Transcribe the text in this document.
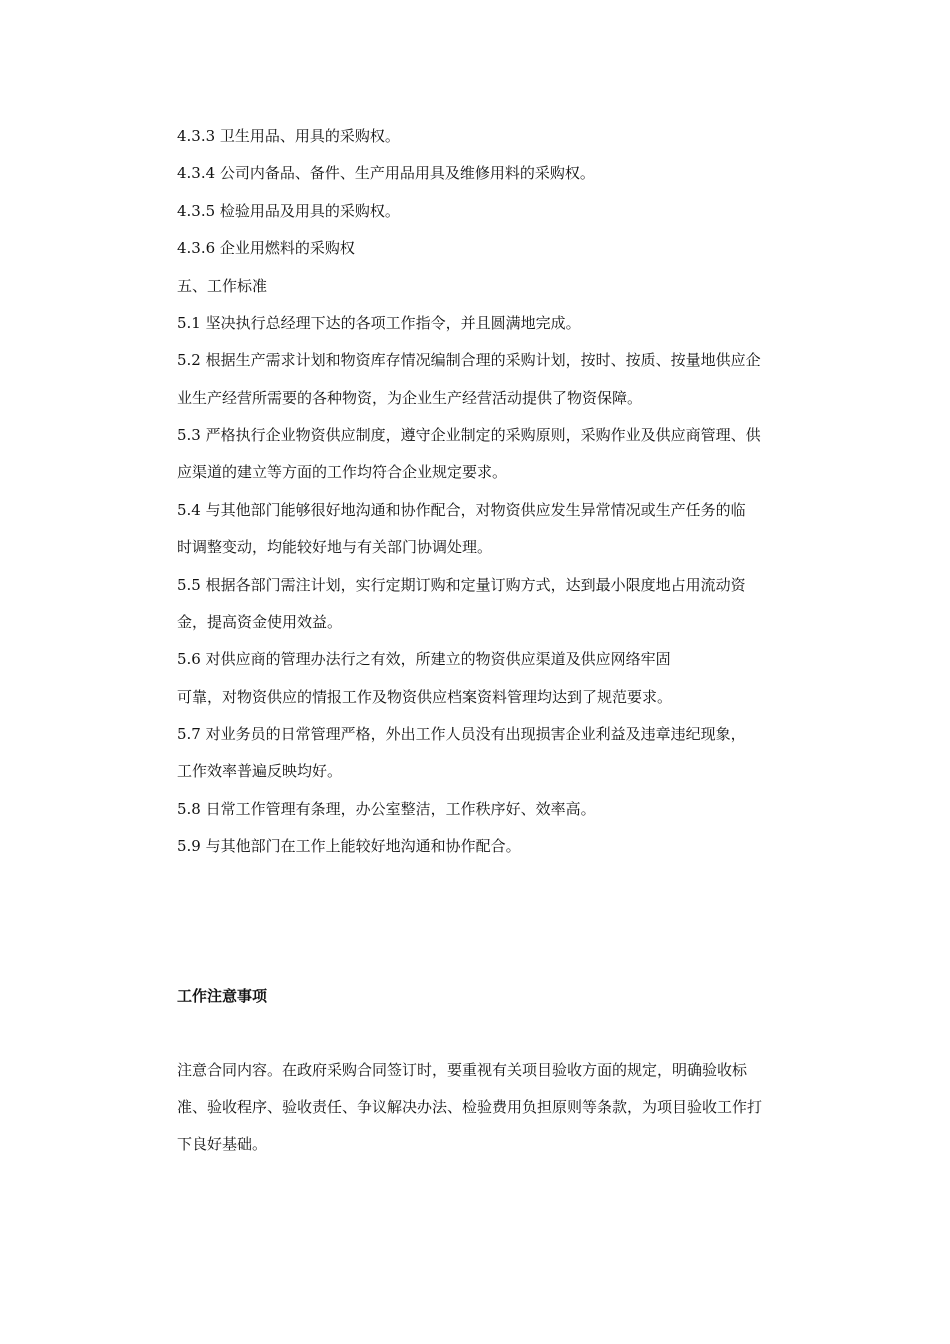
4.3.3 卫生用品、用具的采购权。
4.3.4 公司内备品、备件、生产用品用具及维修用料的采购权。
4.3.5 检验用品及用具的采购权。
4.3.6 企业用燃料的采购权
五、工作标准
5.1 坚决执行总经理下达的各项工作指令，并且圆满地完成。
5.2 根据生产需求计划和物资库存情况编制合理的采购计划，按时、按质、按量地供应企
业生产经营所需要的各种物资，为企业生产经营活动提供了物资保障。
5.3 严格执行企业物资供应制度，遵守企业制定的采购原则，采购作业及供应商管理、供
应渠道的建立等方面的工作均符合企业规定要求。
5.4 与其他部门能够很好地沟通和协作配合，对物资供应发生异常情况或生产任务的临
时调整变动，均能较好地与有关部门协调处理。
5.5 根据各部门需注计划，实行定期订购和定量订购方式，达到最小限度地占用流动资
金，提高资金使用效益。
5.6 对供应商的管理办法行之有效，所建立的物资供应渠道及供应网络牢固
可靠，对物资供应的情报工作及物资供应档案资料管理均达到了规范要求。
5.7 对业务员的日常管理严格，外出工作人员没有出现损害企业利益及违章违纪现象，
工作效率普遍反映均好。
5.8 日常工作管理有条理，办公室整洁，工作秩序好、效率高。
5.9 与其他部门在工作上能较好地沟通和协作配合。
工作注意事项
注意合同内容。在政府采购合同签订时，要重视有关项目验收方面的规定，明确验收标
准、验收程序、验收责任、争议解决办法、检验费用负担原则等条款，为项目验收工作打
下良好基础。
